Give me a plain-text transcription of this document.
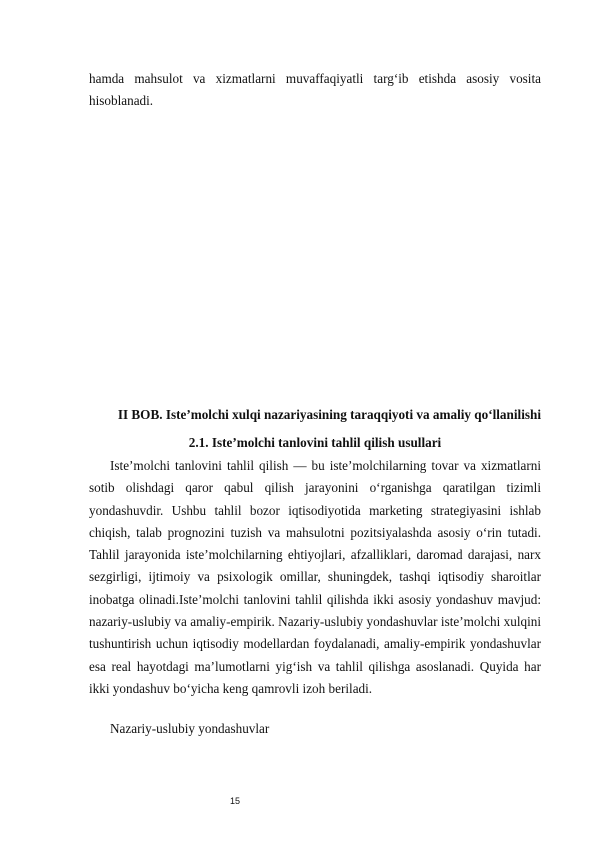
hamda mahsulot va xizmatlarni muvaffaqiyatli targ‘ib etishda asosiy vosita hisoblanadi.

II BOB. Iste’molchi xulqi nazariyasining taraqqiyoti va amaliy qo‘llanilishi
2.1. Iste’molchi tanlovini tahlil qilish usullari

Iste’molchi tanlovini tahlil qilish — bu iste’molchilarning tovar va xizmatlarni sotib olishdagi qaror qabul qilish jarayonini o‘rganishga qaratilgan tizimli yondashuvdir. Ushbu tahlil bozor iqtisodiyotida marketing strategiyasini ishlab chiqish, talab prognozini tuzish va mahsulotni pozitsiyalashda asosiy o‘rin tutadi. Tahlil jarayonida iste’molchilarning ehtiyojlari, afzalliklari, daromad darajasi, narx sezgirligi, ijtimoiy va psixologik omillar, shuningdek, tashqi iqtisodiy sharoitlar inobatga olinadi.Iste’molchi tanlovini tahlil qilishda ikki asosiy yondashuv mavjud: nazariy-uslubiy va amaliy-empirik. Nazariy-uslubiy yondashuvlar iste’molchi xulqini tushuntirish uchun iqtisodiy modellardan foydalanadi, amaliy-empirik yondashuvlar esa real hayotdagi ma’lumotlarni yig‘ish va tahlil qilishga asoslanadi. Quyida har ikki yondashuv bo‘yicha keng qamrovli izoh beriladi.

Nazariy-uslubiy yondashuvlar

15
